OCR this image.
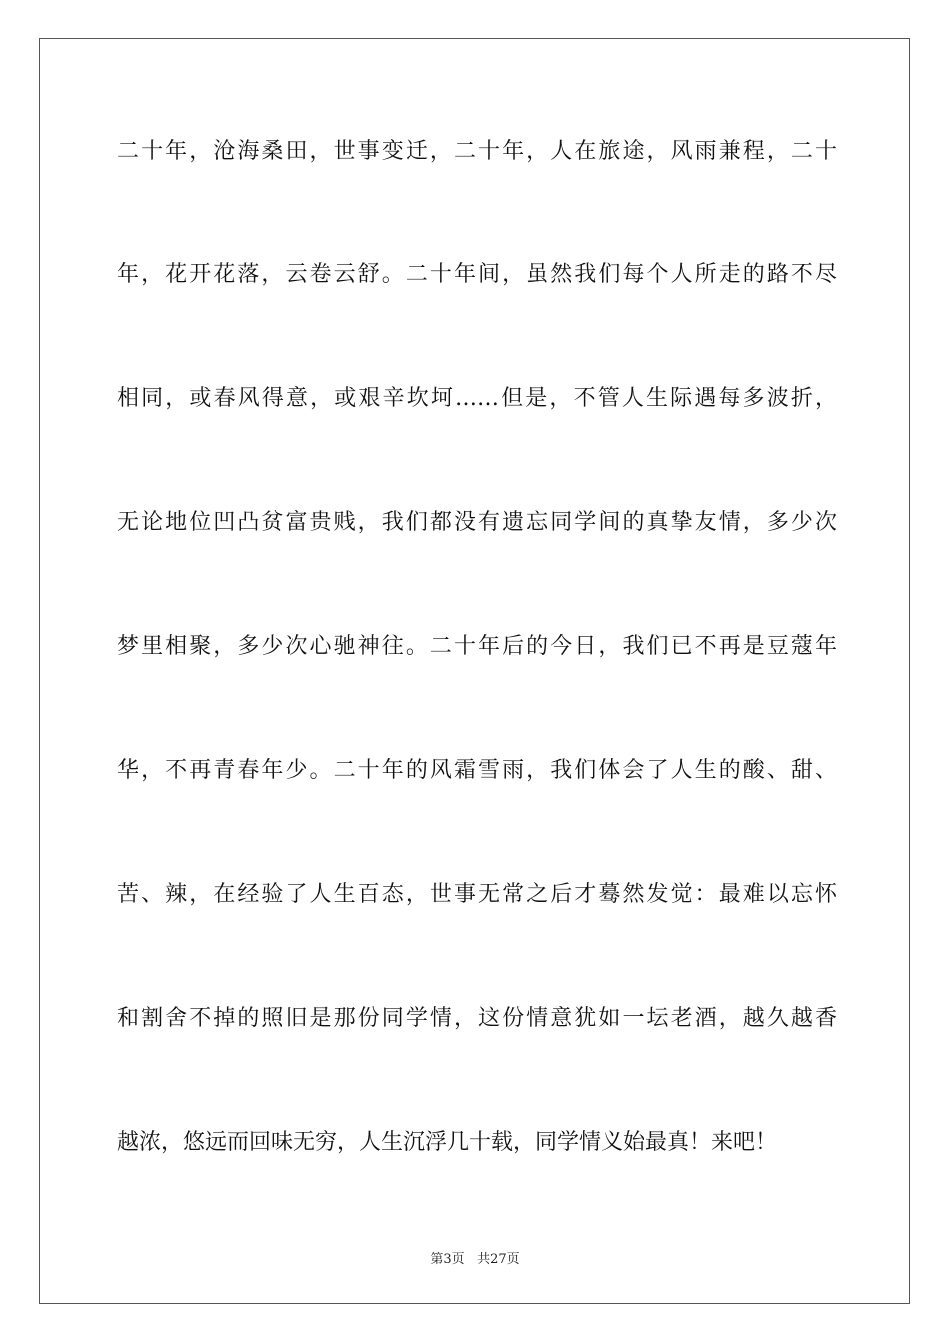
二十年，沧海桑田，世事变迁，二十年，人在旅途，风雨兼程，二十
年，花开花落，云卷云舒。二十年间，虽然我们每个人所走的路不尽
相同，或春风得意，或艰辛坎坷……但是，不管人生际遇每多波折，
无论地位凹凸贫富贵贱，我们都没有遗忘同学间的真挚友情，多少次
梦里相聚，多少次心驰神往。二十年后的今日，我们已不再是豆蔻年
华，不再青春年少。二十年的风霜雪雨，我们体会了人生的酸、甜、
苦、辣，在经验了人生百态，世事无常之后才蓦然发觉：最难以忘怀
和割舍不掉的照旧是那份同学情，这份情意犹如一坛老酒，越久越香
越浓，悠远而回味无穷，人生沉浮几十载，同学情义始最真！来吧！
第3页 共27页
